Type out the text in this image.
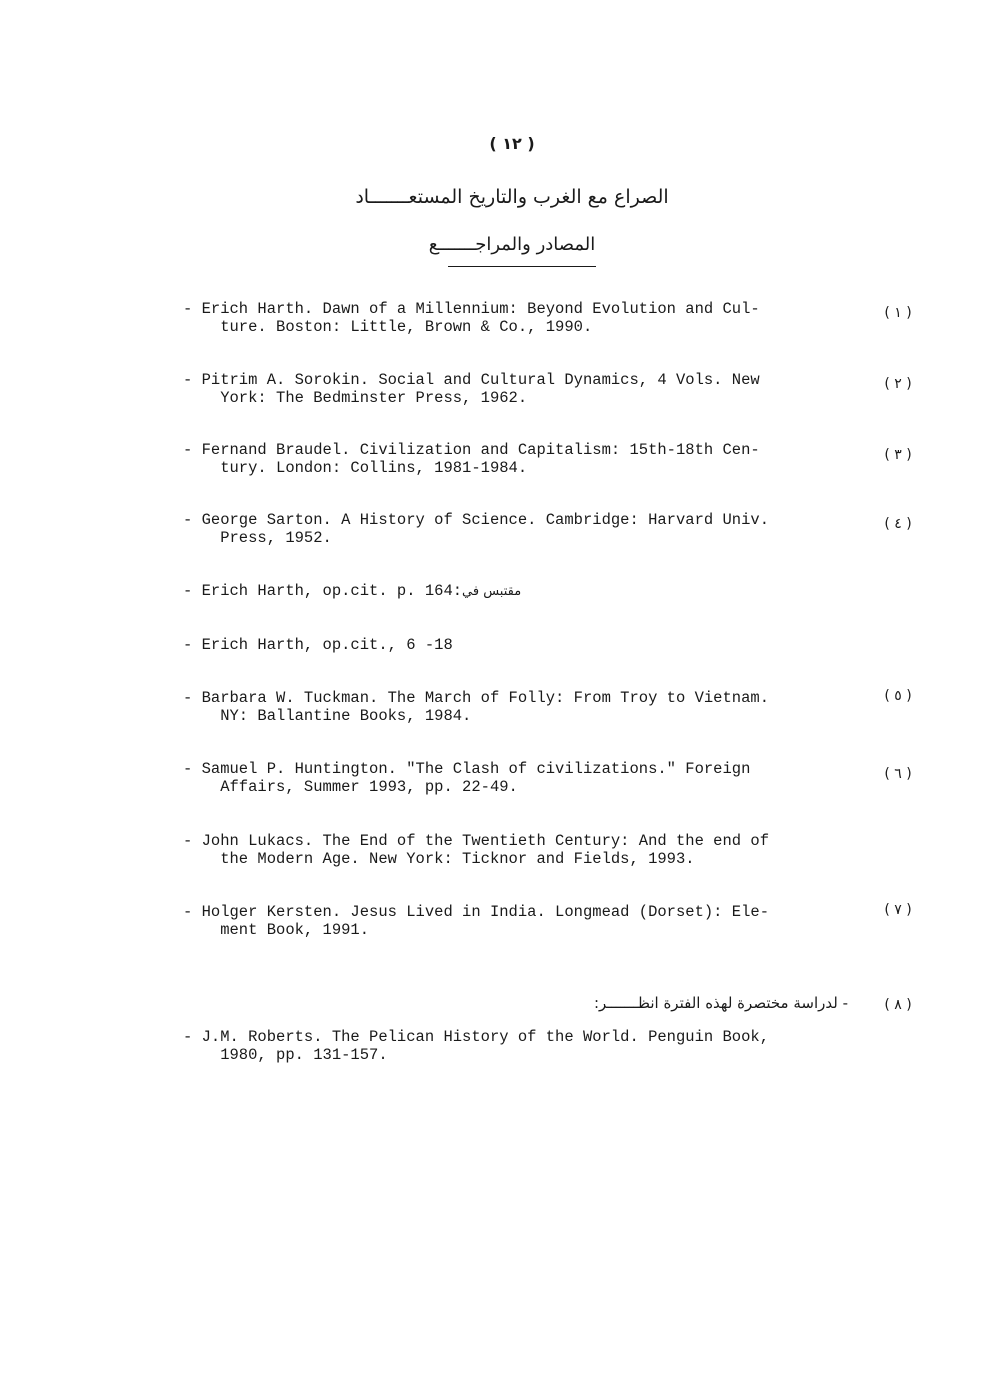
( ١٢ )
الصراع مع الغرب والتاريخ المستعـــــــاد
المصادر والمراجـــــــع
- Erich Harth. Dawn of a Millennium: Beyond Evolution and Cul-
ture. Boston: Little, Brown & Co., 1990.
( ١ )
- Pitrim A. Sorokin. Social and Cultural Dynamics, 4 Vols. New
York: The Bedminster Press, 1962.
( ٢ )
- Fernand Braudel. Civilization and Capitalism: 15th-18th Cen-
tury. London: Collins, 1981-1984.
( ٣ )
- George Sarton. A History of Science. Cambridge: Harvard Univ.
Press, 1952.
( ٤ )
- Erich Harth, op.cit. p. 164:مقتبس في
- Erich Harth, op.cit., 6 -18
- Barbara W. Tuckman. The March of Folly: From Troy to Vietnam.
NY: Ballantine Books, 1984.
( ٥ )
- Samuel P. Huntington. "The Clash of civilizations." Foreign
Affairs, Summer 1993, pp. 22-49.
( ٦ )
- John Lukacs. The End of the Twentieth Century: And the end of
the Modern Age. New York: Ticknor and Fields, 1993.
- Holger Kersten. Jesus Lived in India. Longmead (Dorset): Ele-
ment Book, 1991.
( ٧ )
- لدراسة مختصرة لهذه الفترة انظـــــــر:	( ٨ )
- J.M. Roberts. The Pelican History of the World. Penguin Book,
1980, pp. 131-157.
